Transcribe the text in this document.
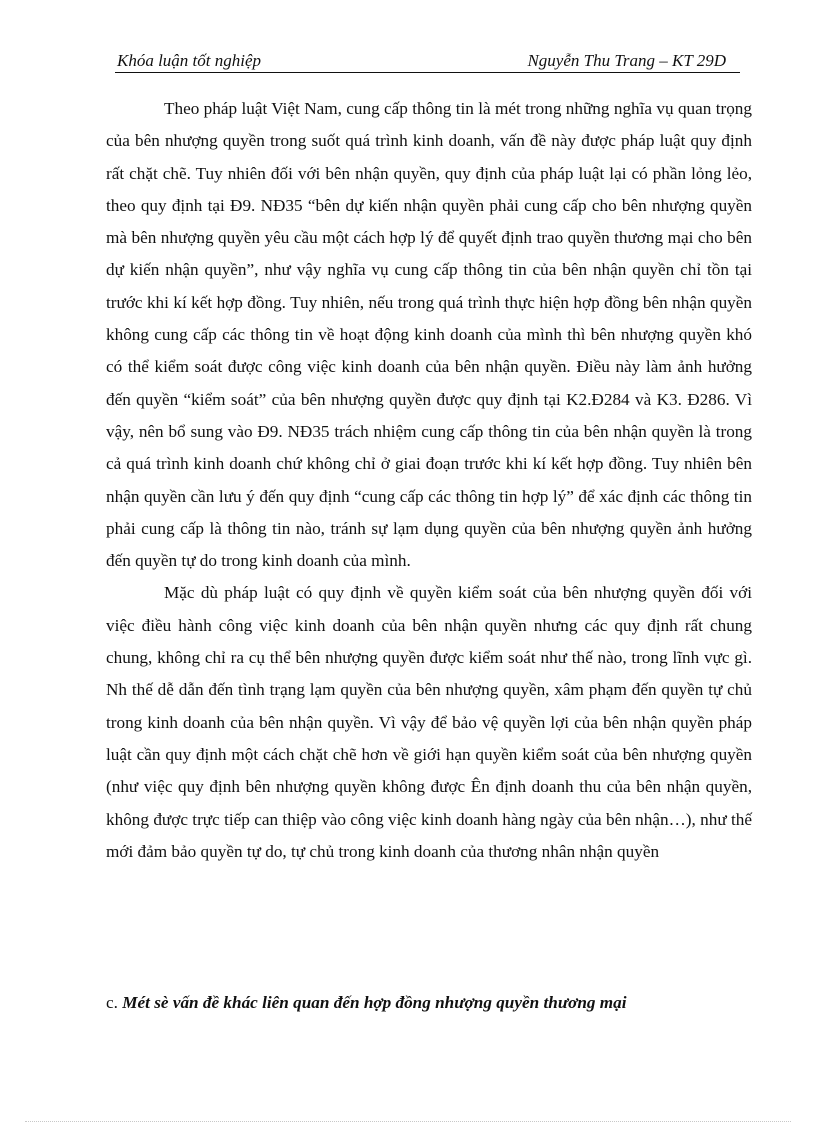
Khóa luận tốt nghiệp	Nguyễn Thu Trang – KT 29D

Theo pháp luật Việt Nam, cung cấp thông tin là mét trong những nghĩa vụ quan trọng của bên nhượng quyền trong suốt quá trình kinh doanh, vấn đề này được pháp luật quy định rất chặt chẽ. Tuy nhiên đối với bên nhận quyền, quy định của pháp luật lại có phần lỏng lẻo, theo quy định tại Đ9. NĐ35 “bên dự kiến nhận quyền phải cung cấp cho bên nhượng quyền mà bên nhượng quyền yêu cầu một cách hợp lý để quyết định trao quyền thương mại cho bên dự kiến nhận quyền”, như vậy nghĩa vụ cung cấp thông tin của bên nhận quyền chỉ tồn tại trước khi kí kết hợp đồng. Tuy nhiên, nếu trong quá trình thực hiện hợp đồng bên nhận quyền không cung cấp các thông tin về hoạt động kinh doanh của mình thì bên nhượng quyền khó có thể kiểm soát được công việc kinh doanh của bên nhận quyền. Điều này làm ảnh hưởng đến quyền “kiểm soát” của bên nhượng quyền được quy định tại K2.Đ284 và K3. Đ286. Vì vậy, nên bổ sung vào Đ9. NĐ35 trách nhiệm cung cấp thông tin của bên nhận quyền là trong cả quá trình kinh doanh chứ không chỉ ở giai đoạn trước khi kí kết hợp đồng. Tuy nhiên bên nhận quyền cần lưu ý đến quy định “cung cấp các thông tin hợp lý” để xác định các thông tin phải cung cấp là thông tin nào, tránh sự lạm dụng quyền của bên nhượng quyền ảnh hưởng đến quyền tự do trong kinh doanh của mình.

Mặc dù pháp luật có quy định về quyền kiểm soát của bên nhượng quyền đối với việc điều hành công việc kinh doanh của bên nhận quyền nhưng các quy định rất chung chung, không chỉ ra cụ thể bên nhượng quyền được kiểm soát như thế nào, trong lĩnh vực gì. Nh thế dễ dẫn đến tình trạng lạm quyền của bên nhượng quyền, xâm phạm đến quyền tự chủ trong kinh doanh của bên nhận quyền. Vì vậy để bảo vệ quyền lợi của bên nhận quyền pháp luật cần quy định một cách chặt chẽ hơn về giới hạn quyền kiểm soát của bên nhượng quyền (như việc quy định bên nhượng quyền không được Ên định doanh thu của bên nhận quyền, không được trực tiếp can thiệp vào công việc kinh doanh hàng ngày của bên nhận…), như thế mới đảm bảo quyền tự do, tự chủ trong kinh doanh của thương nhân nhận quyền

c. Mét sè vấn đề khác liên quan đến hợp đồng nhượng quyền thương mại
